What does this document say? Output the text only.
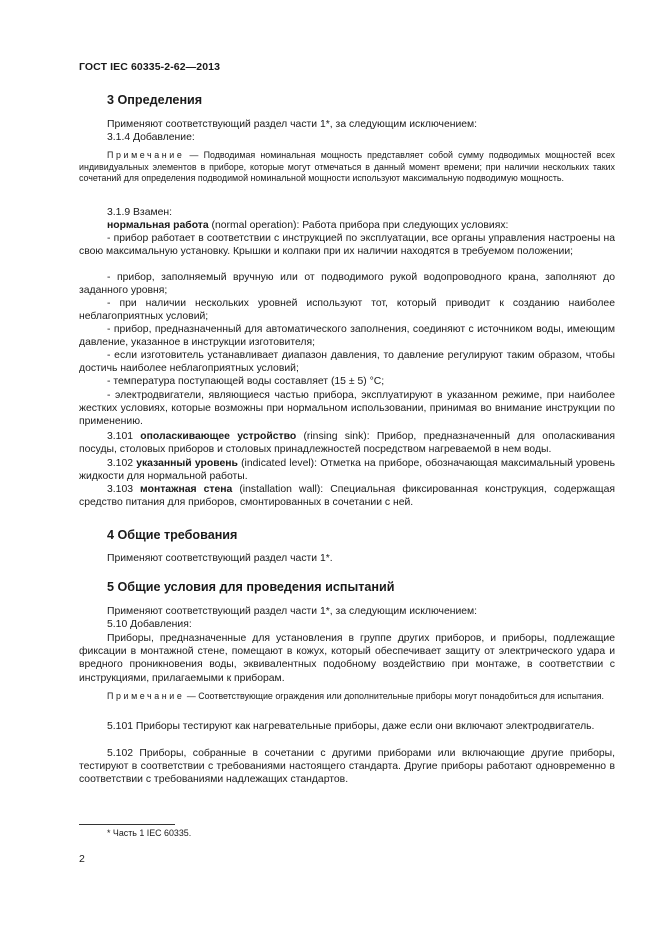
ГОСТ IEC 60335-2-62—2013
3 Определения
Применяют соответствующий раздел части 1*, за следующим исключением:
3.1.4 Добавление:
Примечание — Подводимая номинальная мощность представляет собой сумму подводимых мощностей всех индивидуальных элементов в приборе, которые могут отмечаться в данный момент времени; при наличии нескольких таких сочетаний для определения подводимой номинальной мощности используют максимальную подводимую мощность.
3.1.9 Взамен:
нормальная работа (normal operation): Работа прибора при следующих условиях:
- прибор работает в соответствии с инструкцией по эксплуатации, все органы управления настроены на свою максимальную установку. Крышки и колпаки при их наличии находятся в требуемом положении;
- прибор, заполняемый вручную или от подводимого рукой водопроводного крана, заполняют до заданного уровня;
- при наличии нескольких уровней используют тот, который приводит к созданию наиболее неблагоприятных условий;
- прибор, предназначенный для автоматического заполнения, соединяют с источником воды, имеющим давление, указанное в инструкции изготовителя;
- если изготовитель устанавливает диапазон давления, то давление регулируют таким образом, чтобы достичь наиболее неблагоприятных условий;
- температура поступающей воды составляет (15 ± 5) °C;
- электродвигатели, являющиеся частью прибора, эксплуатируют в указанном режиме, при наиболее жестких условиях, которые возможны при нормальном использовании, принимая во внимание инструкции по применению.
3.101 ополаскивающее устройство (rinsing sink): Прибор, предназначенный для ополаскивания посуды, столовых приборов и столовых принадлежностей посредством нагреваемой в нем воды.
3.102 указанный уровень (indicated level): Отметка на приборе, обозначающая максимальный уровень жидкости для нормальной работы.
3.103 монтажная стена (installation wall): Специальная фиксированная конструкция, содержащая средство питания для приборов, смонтированных в сочетании с ней.
4 Общие требования
Применяют соответствующий раздел части 1*.
5 Общие условия для проведения испытаний
Применяют соответствующий раздел части 1*, за следующим исключением:
5.10 Добавления:
Приборы, предназначенные для установления в группе других приборов, и приборы, подлежащие фиксации в монтажной стене, помещают в кожух, который обеспечивает защиту от электрического удара и вредного проникновения воды, эквивалентных подобному воздействию при монтаже, в соответствии с инструкциями, прилагаемыми к приборам.
Примечание — Соответствующие ограждения или дополнительные приборы могут понадобиться для испытания.
5.101 Приборы тестируют как нагревательные приборы, даже если они включают электродвигатель.
5.102 Приборы, собранные в сочетании с другими приборами или включающие другие приборы, тестируют в соответствии с требованиями настоящего стандарта. Другие приборы работают одновременно в соответствии с требованиями надлежащих стандартов.
* Часть 1 IEC 60335.
2
